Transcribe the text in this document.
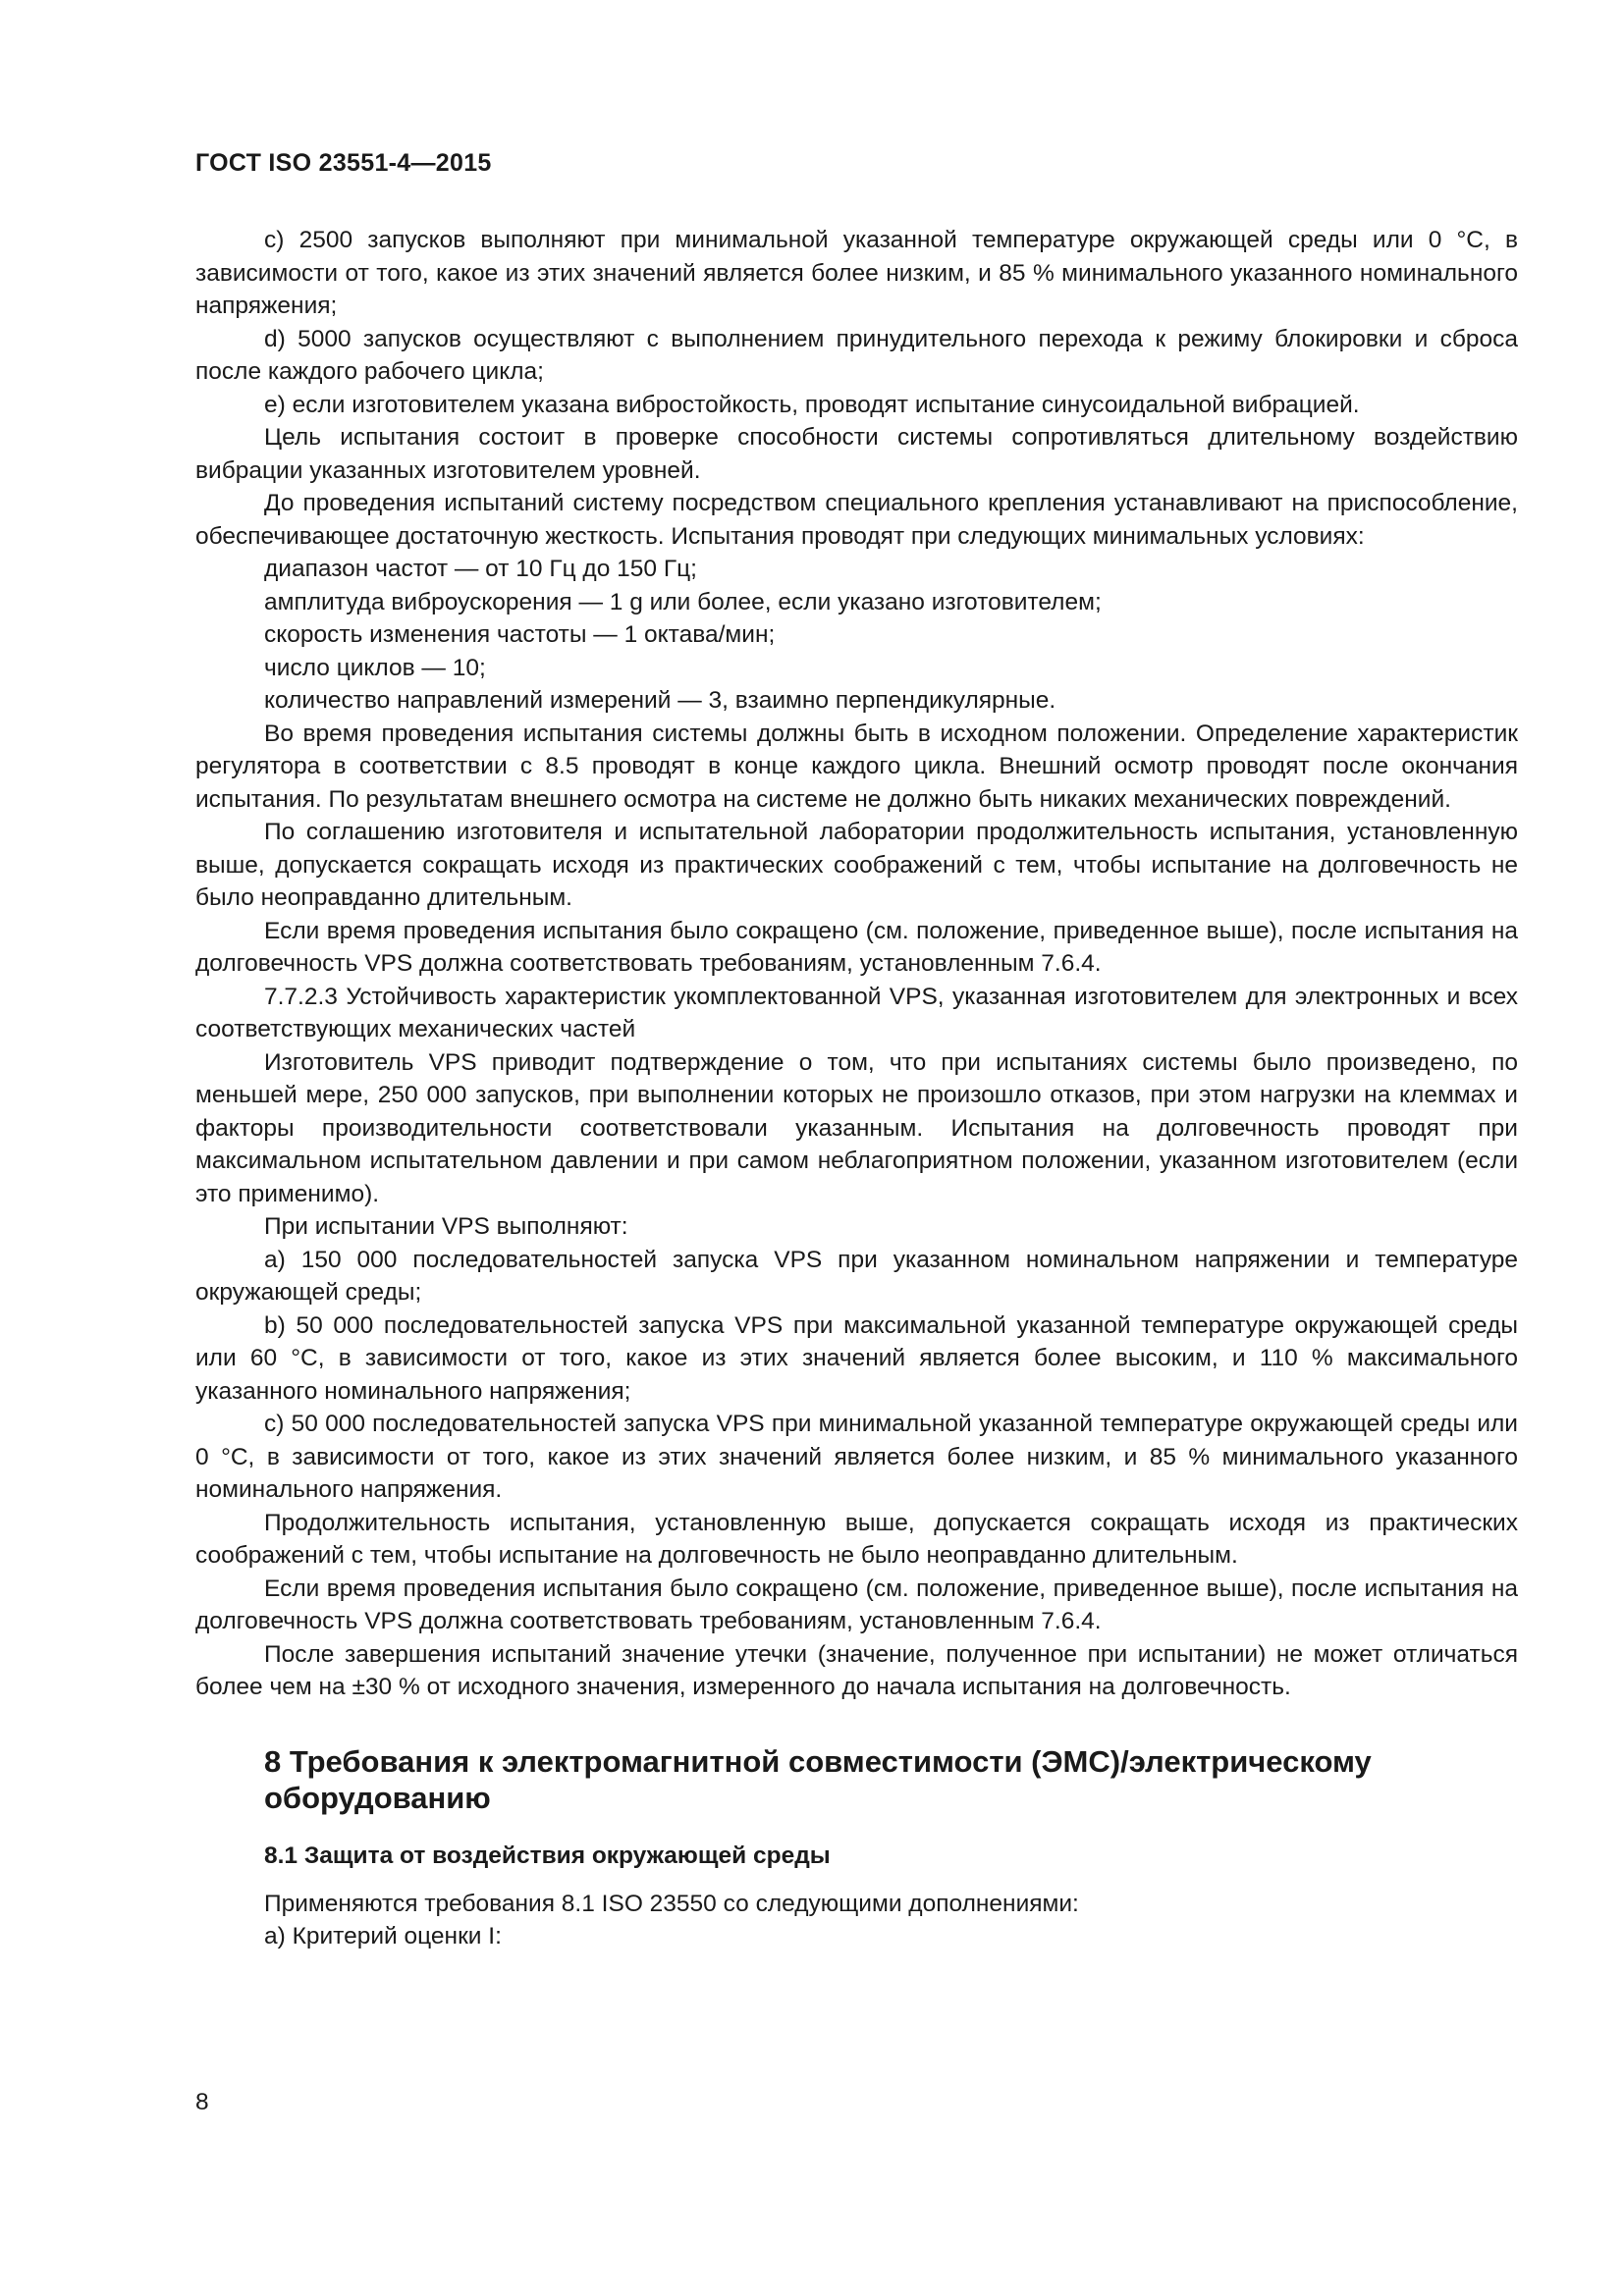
ГОСТ ISO 23551-4—2015

c) 2500 запусков выполняют при минимальной указанной температуре окружающей среды или 0 °C, в зависимости от того, какое из этих значений является более низким, и 85 % минимального указанного номинального напряжения;

d) 5000 запусков осуществляют с выполнением принудительного перехода к режиму блокировки и сброса после каждого рабочего цикла;

e) если изготовителем указана вибростойкость, проводят испытание синусоидальной вибрацией.

Цель испытания состоит в проверке способности системы сопротивляться длительному воздействию вибрации указанных изготовителем уровней.

До проведения испытаний систему посредством специального крепления устанавливают на приспособление, обеспечивающее достаточную жесткость. Испытания проводят при следующих минимальных условиях:

диапазон частот — от 10 Гц до 150 Гц;

амплитуда виброускорения — 1 g или более, если указано изготовителем;

скорость изменения частоты — 1 октава/мин;

число циклов — 10;

количество направлений измерений — 3, взаимно перпендикулярные.

Во время проведения испытания системы должны быть в исходном положении. Определение характеристик регулятора в соответствии с 8.5 проводят в конце каждого цикла. Внешний осмотр проводят после окончания испытания. По результатам внешнего осмотра на системе не должно быть никаких механических повреждений.

По соглашению изготовителя и испытательной лаборатории продолжительность испытания, установленную выше, допускается сокращать исходя из практических соображений с тем, чтобы испытание на долговечность не было неоправданно длительным.

Если время проведения испытания было сокращено (см. положение, приведенное выше), после испытания на долговечность VPS должна соответствовать требованиям, установленным 7.6.4.

7.7.2.3 Устойчивость характеристик укомплектованной VPS, указанная изготовителем для электронных и всех соответствующих механических частей

Изготовитель VPS приводит подтверждение о том, что при испытаниях системы было произведено, по меньшей мере, 250 000 запусков, при выполнении которых не произошло отказов, при этом нагрузки на клеммах и факторы производительности соответствовали указанным. Испытания на долговечность проводят при максимальном испытательном давлении и при самом неблагоприятном положении, указанном изготовителем (если это применимо).

При испытании VPS выполняют:

a) 150 000 последовательностей запуска VPS при указанном номинальном напряжении и температуре окружающей среды;

b) 50 000 последовательностей запуска VPS при максимальной указанной температуре окружающей среды или 60 °C, в зависимости от того, какое из этих значений является более высоким, и 110 % максимального указанного номинального напряжения;

c) 50 000 последовательностей запуска VPS при минимальной указанной температуре окружающей среды или 0 °C, в зависимости от того, какое из этих значений является более низким, и 85 % минимального указанного номинального напряжения.

Продолжительность испытания, установленную выше, допускается сокращать исходя из практических соображений с тем, чтобы испытание на долговечность не было неоправданно длительным.

Если время проведения испытания было сокращено (см. положение, приведенное выше), после испытания на долговечность VPS должна соответствовать требованиям, установленным 7.6.4.

После завершения испытаний значение утечки (значение, полученное при испытании) не может отличаться более чем на ±30 % от исходного значения, измеренного до начала испытания на долговечность.

8 Требования к электромагнитной совместимости (ЭМС)/электрическому оборудованию
8.1 Защита от воздействия окружающей среды

Применяются требования 8.1 ISO 23550 со следующими дополнениями:

a) Критерий оценки I:

8
